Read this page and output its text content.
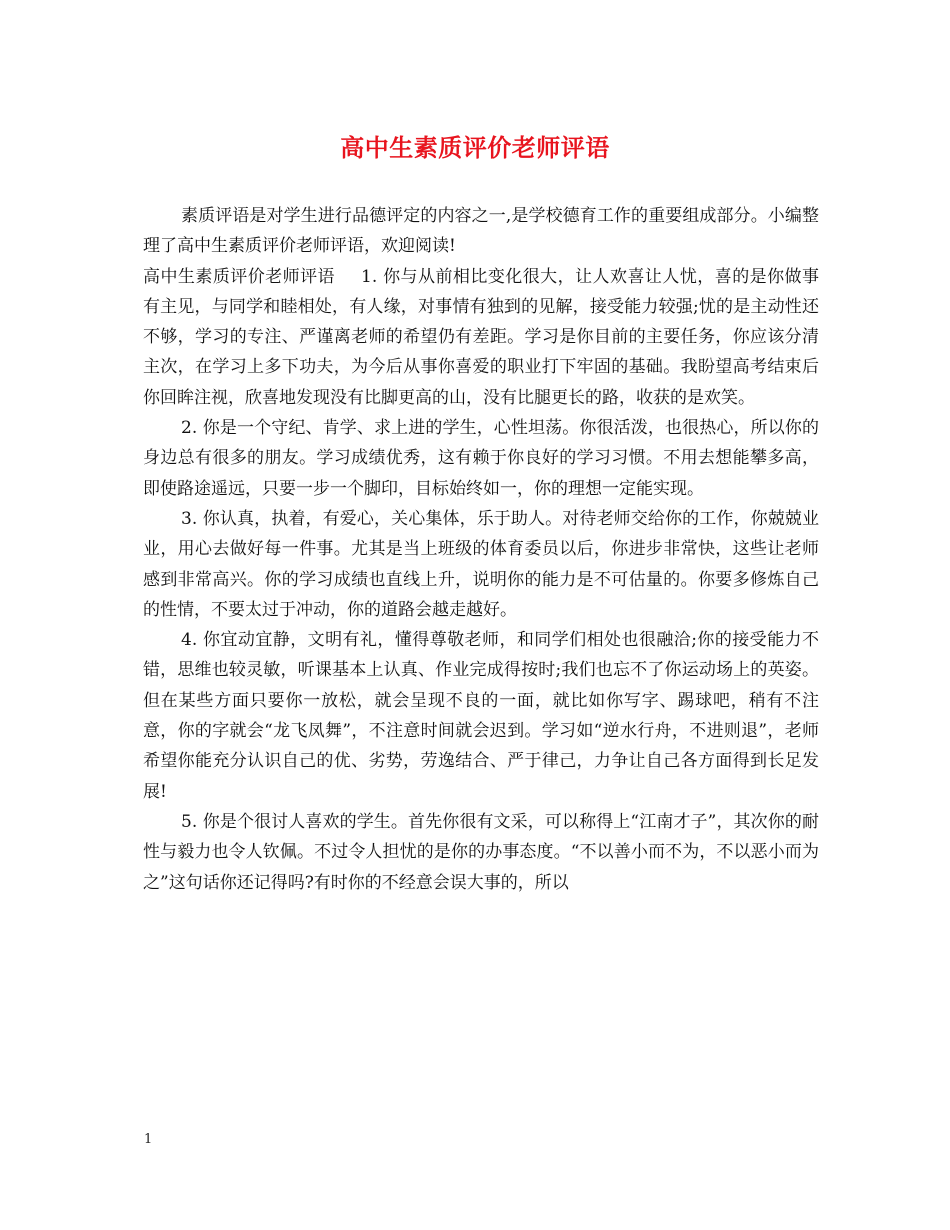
高中生素质评价老师评语

素质评语是对学生进行品德评定的内容之一,是学校德育工作的重要组成部分。小编整理了高中生素质评价老师评语，欢迎阅读!

高中生素质评价老师评语 1. 你与从前相比变化很大，让人欢喜让人忧，喜的是你做事有主见，与同学和睦相处，有人缘，对事情有独到的见解，接受能力较强;忧的是主动性还不够，学习的专注、严谨离老师的希望仍有差距。学习是你目前的主要任务，你应该分清主次，在学习上多下功夫，为今后从事你喜爱的职业打下牢固的基础。我盼望高考结束后你回眸注视，欣喜地发现没有比脚更高的山，没有比腿更长的路，收获的是欢笑。

2. 你是一个守纪、肯学、求上进的学生，心性坦荡。你很活泼，也很热心，所以你的身边总有很多的朋友。学习成绩优秀，这有赖于你良好的学习习惯。不用去想能攀多高，即使路途遥远，只要一步一个脚印，目标始终如一，你的理想一定能实现。

3. 你认真，执着，有爱心，关心集体，乐于助人。对待老师交给你的工作，你兢兢业业，用心去做好每一件事。尤其是当上班级的体育委员以后，你进步非常快，这些让老师感到非常高兴。你的学习成绩也直线上升，说明你的能力是不可估量的。你要多修炼自己的性情，不要太过于冲动，你的道路会越走越好。

4. 你宜动宜静，文明有礼，懂得尊敬老师，和同学们相处也很融洽;你的接受能力不错，思维也较灵敏，听课基本上认真、作业完成得按时;我们也忘不了你运动场上的英姿。但在某些方面只要你一放松，就会呈现不良的一面，就比如你写字、踢球吧，稍有不注意，你的字就会“龙飞凤舞”，不注意时间就会迟到。学习如“逆水行舟，不进则退”，老师希望你能充分认识自己的优、劣势，劳逸结合、严于律己，力争让自己各方面得到长足发展!

5. 你是个很讨人喜欢的学生。首先你很有文采，可以称得上“江南才子”，其次你的耐性与毅力也令人钦佩。不过令人担忧的是你的办事态度。“不以善小而不为，不以恶小而为之”这句话你还记得吗?有时你的不经意会误大事的，所以

1
